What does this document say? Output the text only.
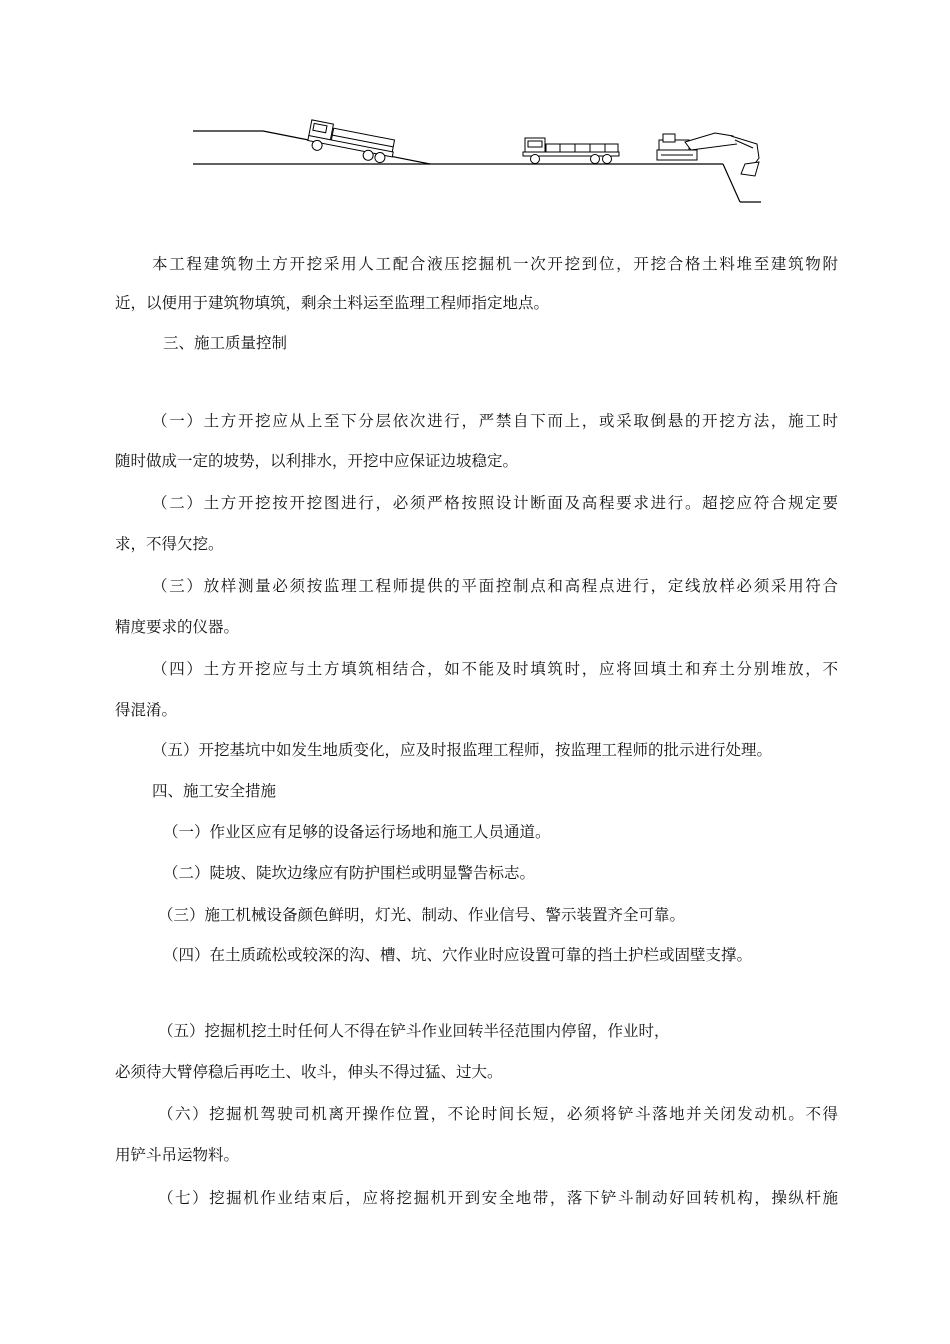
本工程建筑物土方开挖采用人工配合液压挖掘机一次开挖到位，开挖合格土料堆至建筑物附
近，以便用于建筑物填筑，剩余土料运至监理工程师指定地点。
三、施工质量控制
（一）土方开挖应从上至下分层依次进行，严禁自下而上，或采取倒悬的开挖方法，施工时
随时做成一定的坡势，以利排水，开挖中应保证边坡稳定。
（二）土方开挖按开挖图进行，必须严格按照设计断面及高程要求进行。超挖应符合规定要
求，不得欠挖。
（三）放样测量必须按监理工程师提供的平面控制点和高程点进行，定线放样必须采用符合
精度要求的仪器。
（四）土方开挖应与土方填筑相结合，如不能及时填筑时，应将回填土和弃土分别堆放，不
得混淆。
（五）开挖基坑中如发生地质变化，应及时报监理工程师，按监理工程师的批示进行处理。
四、施工安全措施
（一）作业区应有足够的设备运行场地和施工人员通道。
（二）陡坡、陡坎边缘应有防护围栏或明显警告标志。
（三）施工机械设备颜色鲜明，灯光、制动、作业信号、警示装置齐全可靠。
（四）在土质疏松或较深的沟、槽、坑、穴作业时应设置可靠的挡土护栏或固壁支撑。
（五）挖掘机挖土时任何人不得在铲斗作业回转半径范围内停留，作业时，
必须待大臂停稳后再吃土、收斗，伸头不得过猛、过大。
（六）挖掘机驾驶司机离开操作位置，不论时间长短，必须将铲斗落地并关闭发动机。不得
用铲斗吊运物料。
（七）挖掘机作业结束后，应将挖掘机开到安全地带，落下铲斗制动好回转机构，操纵杆施
